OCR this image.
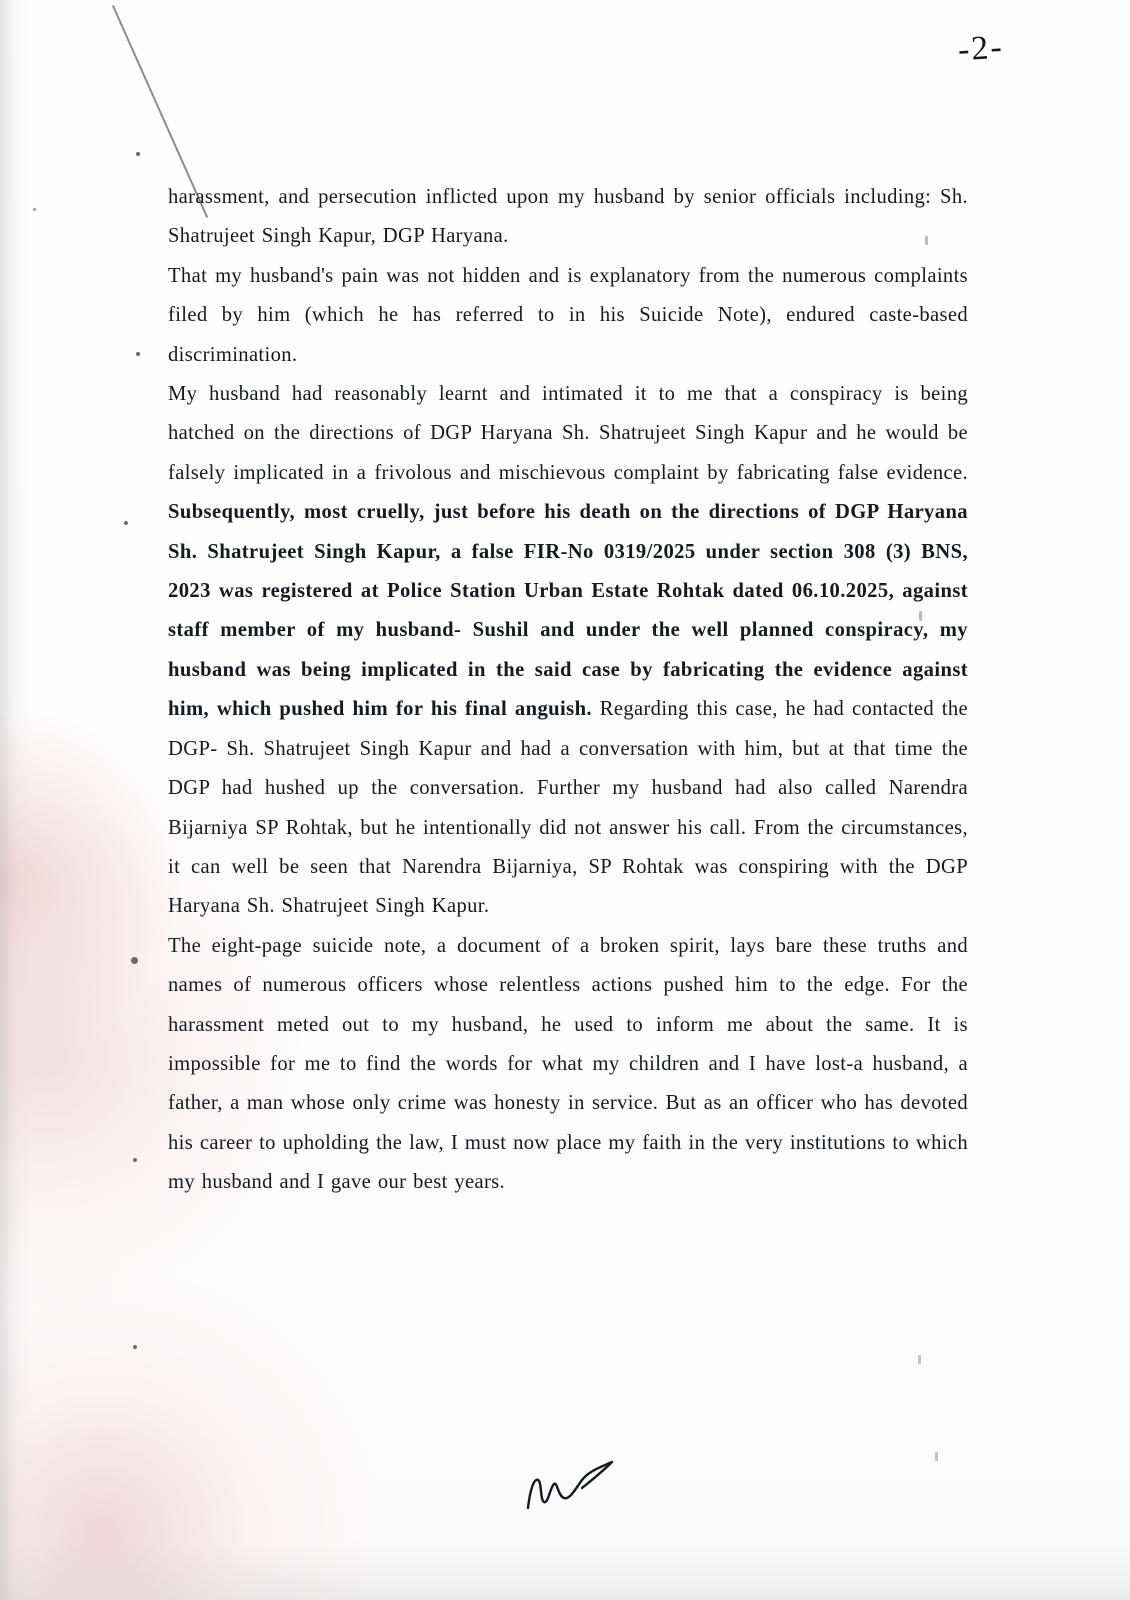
-2-

harassment, and persecution inflicted upon my husband by senior officials including: Sh. Shatrujeet Singh Kapur, DGP Haryana.

That my husband's pain was not hidden and is explanatory from the numerous complaints filed by him (which he has referred to in his Suicide Note), endured caste-based discrimination.

My husband had reasonably learnt and intimated it to me that a conspiracy is being hatched on the directions of DGP Haryana Sh. Shatrujeet Singh Kapur and he would be falsely implicated in a frivolous and mischievous complaint by fabricating false evidence. Subsequently, most cruelly, just before his death on the directions of DGP Haryana Sh. Shatrujeet Singh Kapur, a false FIR-No 0319/2025 under section 308 (3) BNS, 2023 was registered at Police Station Urban Estate Rohtak dated 06.10.2025, against staff member of my husband- Sushil and under the well planned conspiracy, my husband was being implicated in the said case by fabricating the evidence against him, which pushed him for his final anguish. Regarding this case, he had contacted the DGP- Sh. Shatrujeet Singh Kapur and had a conversation with him, but at that time the DGP had hushed up the conversation. Further my husband had also called Narendra Bijarniya SP Rohtak, but he intentionally did not answer his call. From the circumstances, it can well be seen that Narendra Bijarniya, SP Rohtak was conspiring with the DGP Haryana Sh. Shatrujeet Singh Kapur.

The eight-page suicide note, a document of a broken spirit, lays bare these truths and names of numerous officers whose relentless actions pushed him to the edge. For the harassment meted out to my husband, he used to inform me about the same. It is impossible for me to find the words for what my children and I have lost-a husband, a father, a man whose only crime was honesty in service. But as an officer who has devoted his career to upholding the law, I must now place my faith in the very institutions to which my husband and I gave our best years.
